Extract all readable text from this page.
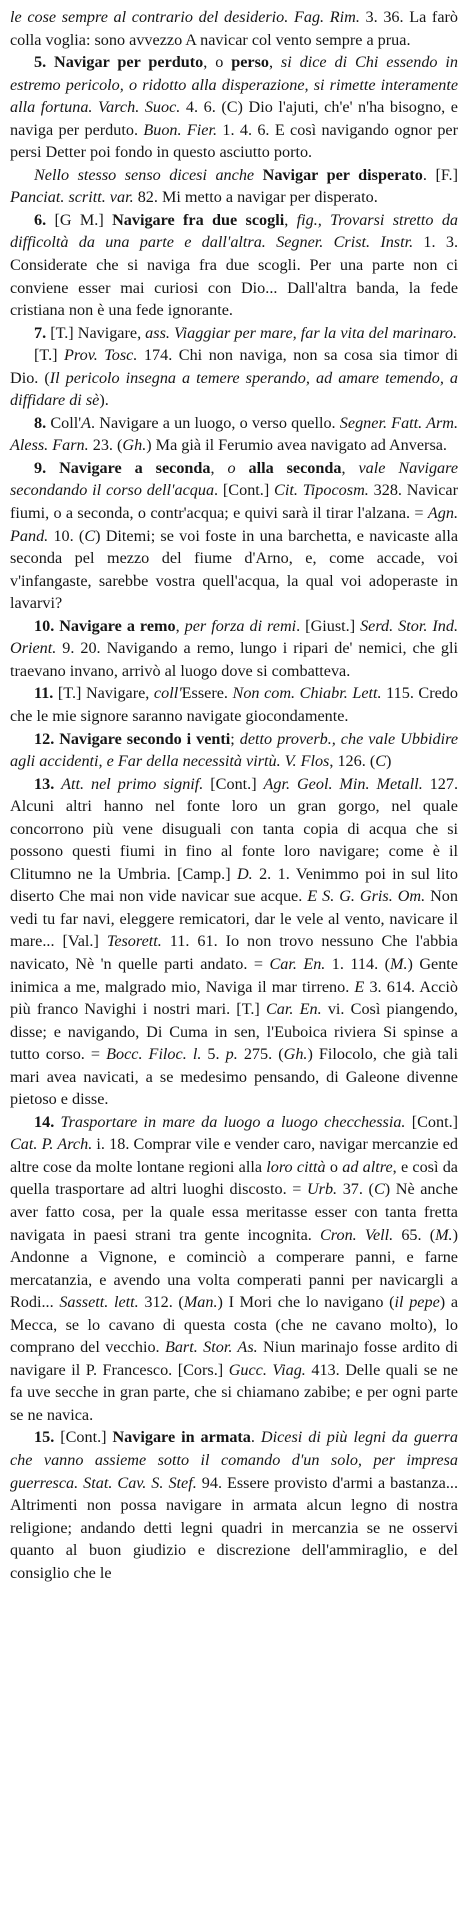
le cose sempre al contrario del desiderio. Fag. Rim. 3. 36. La farò colla voglia: sono avvezzo A navicar col vento sempre a prua.

5. Navigar per perduto, o perso, si dice di Chi essendo in estremo pericolo, o ridotto alla disperazione, si rimette interamente alla fortuna. Varch. Suoc. 4. 6. (C) Dio l'ajuti, ch'e' n'ha bisogno, e naviga per perduto. Buon. Fier. 1. 4. 6. E così navigando ognor per persi Detter poi fondo in questo asciutto porto.

Nello stesso senso dicesi anche Navigar per disperato. [F.] Panciat. scritt. var. 82. Mi metto a navigar per disperato.

6. [G M.] Navigare fra due scogli, fig., Trovarsi stretto da difficoltà da una parte e dall'altra. Segner. Crist. Instr. 1. 3. Considerate che si naviga fra due scogli. Per una parte non ci conviene esser mai curiosi con Dio... Dall'altra banda, la fede cristiana non è una fede ignorante.

7. [T.] Navigare, ass. Viaggiar per mare, far la vita del marinaro.

[T.] Prov. Tosc. 174. Chi non naviga, non sa cosa sia timor di Dio. (Il pericolo insegna a temere sperando, ad amare temendo, a diffidare di sè).

8. Coll'A. Navigare a un luogo, o verso quello. Segner. Fatt. Arm. Aless. Farn. 23. (Gh.) Ma già il Ferumio avea navigato ad Anversa.

9. Navigare a seconda, o alla seconda, vale Navigare secondando il corso dell'acqua. [Cont.] Cit. Tipocosm. 328. Navicar fiumi, o a seconda, o contr'acqua; e quivi sarà il tirar l'alzana. = Agn. Pand. 10. (C) Ditemi; se voi foste in una barchetta, e navicaste alla seconda pel mezzo del fiume d'Arno, e, come accade, voi v'infangaste, sarebbe vostra quell'acqua, la qual voi adoperaste in lavarvi?

10. Navigare a remo, per forza di remi. [Giust.] Serd. Stor. Ind. Orient. 9. 20. Navigando a remo, lungo i ripari de' nemici, che gli traevano invano, arrivò al luogo dove si combatteva.

11. [T.] Navigare, coll'Essere. Non com. Chiabr. Lett. 115. Credo che le mie signore saranno navigate giocondamente.

12. Navigare secondo i venti; detto proverb., che vale Ubbidire agli accidenti, e Far della necessità virtù. V. Flos, 126. (C)

13. Att. nel primo signif. [Cont.] Agr. Geol. Min. Metall. 127. Alcuni altri hanno nel fonte loro un gran gorgo, nel quale concorrono più vene disuguali con tanta copia di acqua che si possono questi fiumi in fino al fonte loro navigare; come è il Clitumno ne la Umbria. [Camp.] D. 2. 1. Venimmo poi in sul lito diserto Che mai non vide navicar sue acque. E S. G. Gris. Om. Non vedi tu far navi, eleggere remicatori, dar le vele al vento, navicare il mare... [Val.] Tesorett. 11. 61. Io non trovo nessuno Che l'abbia navicato, Nè 'n quelle parti andato. = Car. En. 1. 114. (M.) Gente inimica a me, malgrado mio, Naviga il mar tirreno. E 3. 614. Acciò più franco Navighi i nostri mari. [T.] Car. En. vi. Così piangendo, disse; e navigando, Di Cuma in sen, l'Euboica riviera Si spinse a tutto corso. = Bocc. Filoc. l. 5. p. 275. (Gh.) Filocolo, che già tali mari avea navicati, a se medesimo pensando, di Galeone divenne pietoso e disse.

14. Trasportare in mare da luogo a luogo checchessia. [Cont.] Cat. P. Arch. i. 18. Comprar vile e vender caro, navigar mercanzie ed altre cose da molte lontane regioni alla loro città o ad altre, e così da quella trasportare ad altri luoghi discosto. = Urb. 37. (C) Nè anche aver fatto cosa, per la quale essa meritasse esser con tanta fretta navigata in paesi strani tra gente incognita. Cron. Vell. 65. (M.) Andonne a Vignone, e cominciò a comperare panni, e farne mercatanzia, e avendo una volta comperati panni per navicargli a Rodi... Sassett. lett. 312. (Man.) I Mori che lo navigano (il pepe) a Mecca, se lo cavano di questa costa (che ne cavano molto), lo comprano del vecchio. Bart. Stor. As. Niun marinajo fosse ardito di navigare il P. Francesco. [Cors.] Gucc. Viag. 413. Delle quali se ne fa uve secche in gran parte, che si chiamano zabibe; e per ogni parte se ne navica.

15. [Cont.] Navigare in armata. Dicesi di più legni da guerra che vanno assieme sotto il comando d'un solo, per impresa guerresca. Stat. Cav. S. Stef. 94. Essere provisto d'armi a bastanza... Altrimenti non possa navigare in armata alcun legno di nostra religione; andando detti legni quadri in mercanzia se ne osservi quanto al buon giudizio e discrezione dell'ammiraglio, e del consiglio che le
